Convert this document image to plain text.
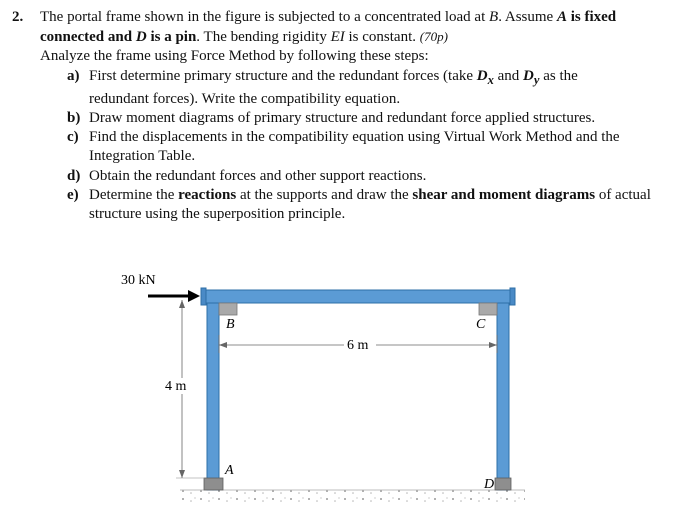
2. The portal frame shown in the figure is subjected to a concentrated load at B. Assume A is fixed

connected and D is a pin. The bending rigidity EI is constant. (70p)

Analyze the frame using Force Method by following these steps:

a) First determine primary structure and the redundant forces (take $D_x$ and $D_y$ as the
redundant forces). Write the compatibility equation.
b) Draw moment diagrams of primary structure and redundant force applied structures.
c) Find the displacements in the compatibility equation using Virtual Work Method and the
Integration Table.
d) Obtain the redundant forces and other support reactions.
e) Determine the reactions at the supports and draw the shear and moment diagrams of actual
structure using the superposition principle.
30 kN
4 m
6 m
B	C
A
D
